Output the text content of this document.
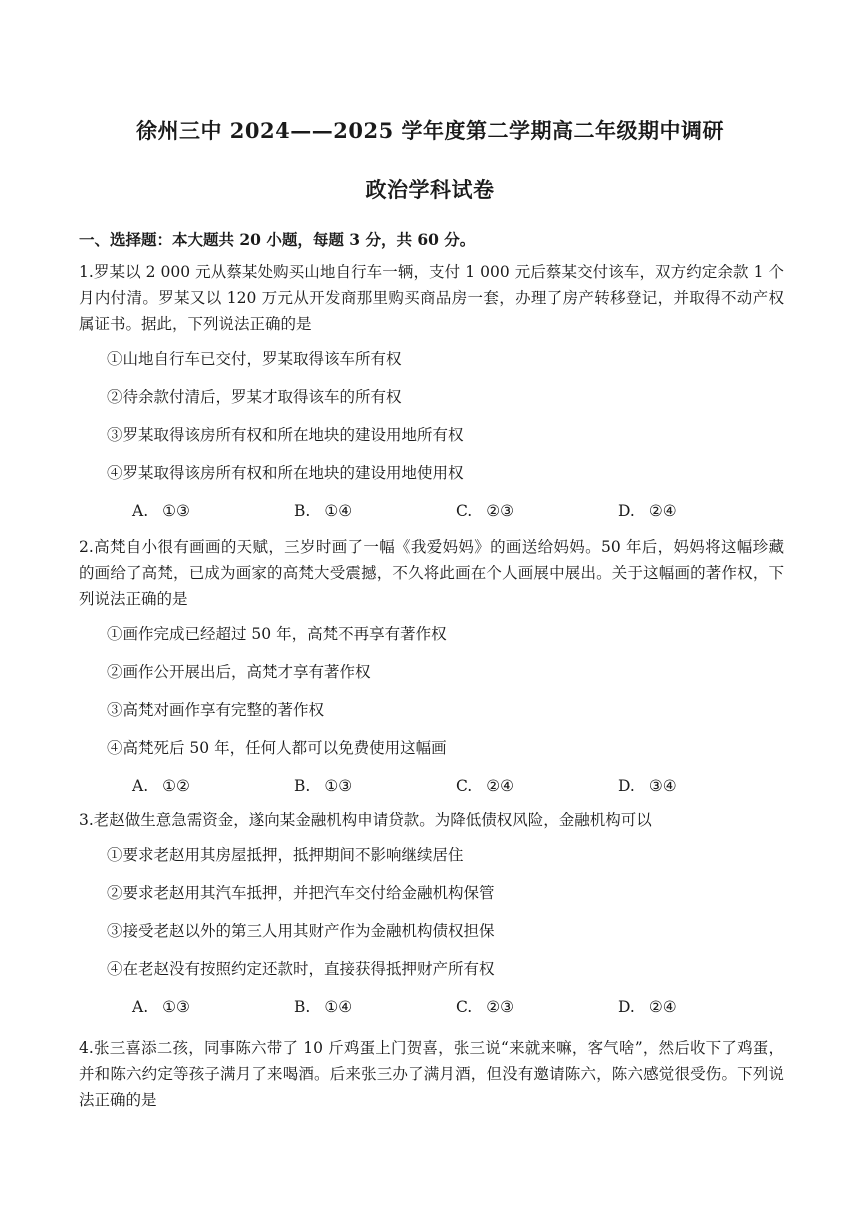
徐州三中 2024——2025 学年度第二学期高二年级期中调研
政治学科试卷
一、选择题：本大题共 20 小题，每题 3 分，共 60 分。

1.罗某以 2 000 元从蔡某处购买山地自行车一辆，支付 1 000 元后蔡某交付该车，双方约定余款 1 个月内付清。罗某又以 120 万元从开发商那里购买商品房一套，办理了房产转移登记，并取得不动产权属证书。据此，下列说法正确的是

①山地自行车已交付，罗某取得该车所有权
②待余款付清后，罗某才取得该车的所有权
③罗某取得该房所有权和所在地块的建设用地所有权
④罗某取得该房所有权和所在地块的建设用地使用权
A. ①③	B. ①④	C. ②③	D. ②④

2.高梵自小很有画画的天赋，三岁时画了一幅《我爱妈妈》的画送给妈妈。50 年后，妈妈将这幅珍藏的画给了高梵，已成为画家的高梵大受震撼，不久将此画在个人画展中展出。关于这幅画的著作权，下列说法正确的是

①画作完成已经超过 50 年，高梵不再享有著作权
②画作公开展出后，高梵才享有著作权
③高梵对画作享有完整的著作权
④高梵死后 50 年，任何人都可以免费使用这幅画
A. ①②	B. ①③	C. ②④	D. ③④

3.老赵做生意急需资金，遂向某金融机构申请贷款。为降低债权风险，金融机构可以

①要求老赵用其房屋抵押，抵押期间不影响继续居住
②要求老赵用其汽车抵押，并把汽车交付给金融机构保管
③接受老赵以外的第三人用其财产作为金融机构债权担保
④在老赵没有按照约定还款时，直接获得抵押财产所有权
A. ①③	B. ①④	C. ②③	D. ②④

4.张三喜添二孩，同事陈六带了 10 斤鸡蛋上门贺喜，张三说“来就来嘛，客气啥”，然后收下了鸡蛋，并和陈六约定等孩子满月了来喝酒。后来张三办了满月酒，但没有邀请陈六，陈六感觉很受伤。下列说法正确的是
